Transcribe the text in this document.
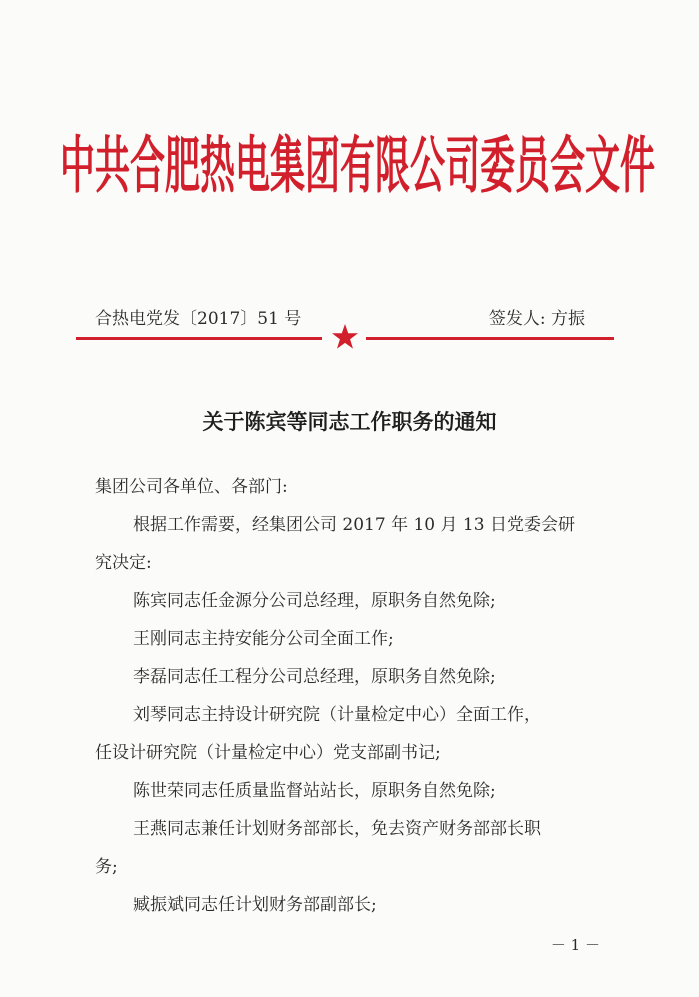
中共合肥热电集团有限公司委员会文件
合热电党发〔2017〕51 号	签发人: 方振
关于陈宾等同志工作职务的通知
集团公司各单位、各部门:
根据工作需要，经集团公司 2017 年 10 月 13 日党委会研
究决定:
陈宾同志任金源分公司总经理，原职务自然免除;
王刚同志主持安能分公司全面工作;
李磊同志任工程分公司总经理，原职务自然免除;
刘琴同志主持设计研究院（计量检定中心）全面工作，
任设计研究院（计量检定中心）党支部副书记;
陈世荣同志任质量监督站站长，原职务自然免除;
王燕同志兼任计划财务部部长，免去资产财务部部长职
务;
臧振斌同志任计划财务部副部长;
－ 1 －
